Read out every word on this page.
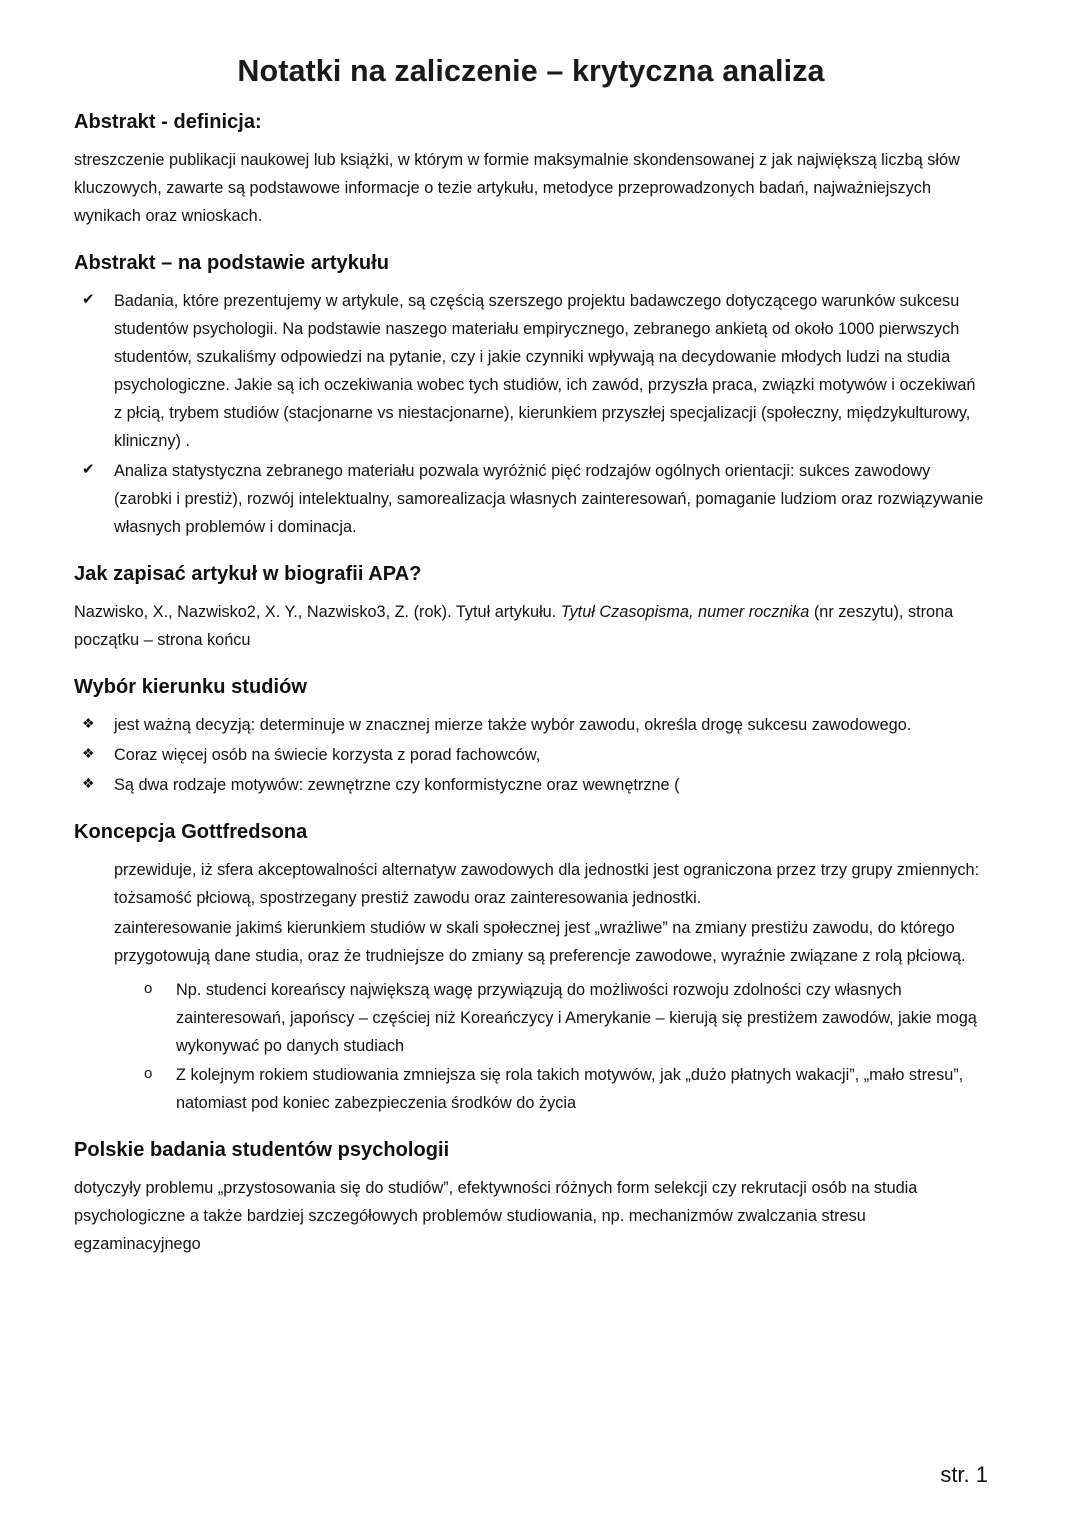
Notatki na zaliczenie – krytyczna analiza
Abstrakt - definicja:

streszczenie publikacji naukowej lub książki, w którym w formie maksymalnie skondensowanej z jak największą liczbą słów kluczowych, zawarte są podstawowe informacje o tezie artykułu, metodyce przeprowadzonych badań, najważniejszych wynikach oraz wnioskach.

Abstrakt – na podstawie artykułu
✔	Badania, które prezentujemy w artykule, są częścią szerszego projektu badawczego dotyczącego warunków sukcesu studentów psychologii. Na podstawie naszego materiału empirycznego, zebranego ankietą od około 1000 pierwszych studentów, szukaliśmy odpowiedzi na pytanie, czy i jakie czynniki wpływają na decydowanie młodych ludzi na studia psychologiczne. Jakie są ich oczekiwania wobec tych studiów, ich zawód, przyszła praca, związki motywów i oczekiwań z płcią, trybem studiów (stacjonarne vs niestacjonarne), kierunkiem przyszłej specjalizacji (społeczny, międzykulturowy, kliniczny) .
✔	Analiza statystyczna zebranego materiału pozwala wyróżnić pięć rodzajów ogólnych orientacji: sukces zawodowy (zarobki i prestiż), rozwój intelektualny, samorealizacja własnych zainteresowań, pomaganie ludziom oraz rozwiązywanie własnych problemów i dominacja.
Jak zapisać artykuł w biografii APA?

Nazwisko, X., Nazwisko2, X. Y., Nazwisko3, Z. (rok). Tytuł artykułu. Tytuł Czasopisma, numer rocznika (nr zeszytu), strona początku – strona końcu

Wybór kierunku studiów
❖	jest ważną decyzją: determinuje w znacznej mierze także wybór zawodu, określa drogę sukcesu zawodowego.
❖	Coraz więcej osób na świecie korzysta z porad fachowców,
❖	Są dwa rodzaje motywów: zewnętrzne czy konformistyczne oraz wewnętrzne (
Koncepcja Gottfredsona
przewiduje, iż sfera akceptowalności alternatyw zawodowych dla jednostki jest ograniczona przez trzy grupy zmiennych: tożsamość płciową, spostrzegany prestiż zawodu oraz zainteresowania jednostki.
zainteresowanie jakimś kierunkiem studiów w skali społecznej jest „wrażliwe” na zmiany prestiżu zawodu, do którego przygotowują dane studia, oraz że trudniejsze do zmiany są preferencje zawodowe, wyraźnie związane z rolą płciową.
o	Np. studenci koreańscy największą wagę przywiązują do możliwości rozwoju zdolności czy własnych zainteresowań, japońscy – częściej niż Koreańczycy i Amerykanie – kierują się prestiżem zawodów, jakie mogą wykonywać po danych studiach
o	Z kolejnym rokiem studiowania zmniejsza się rola takich motywów, jak „dużo płatnych wakacji”, „mało stresu”, natomiast pod koniec zabezpieczenia środków do życia
Polskie badania studentów psychologii

dotyczyły problemu „przystosowania się do studiów”, efektywności różnych form selekcji czy rekrutacji osób na studia psychologiczne a także bardziej szczegółowych problemów studiowania, np. mechanizmów zwalczania stresu egzaminacyjnego

str. 1
